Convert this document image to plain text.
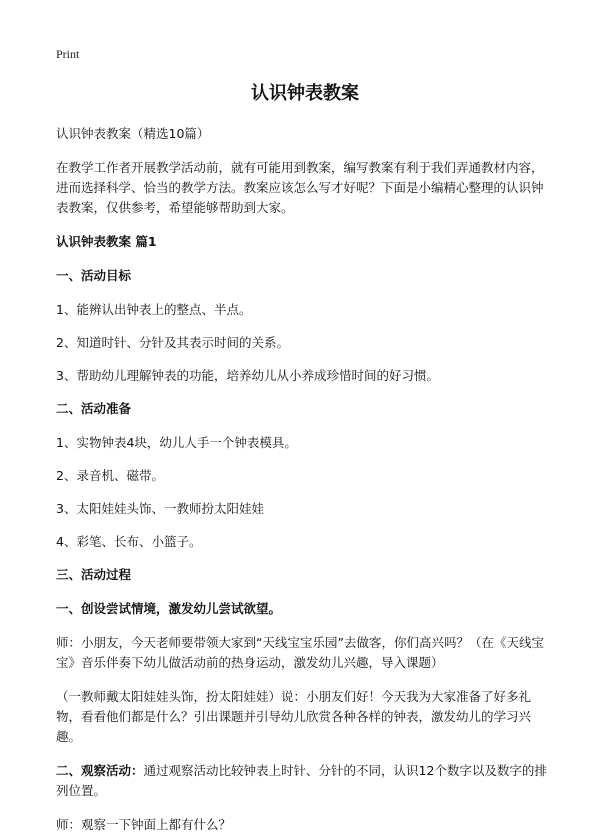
Print
认识钟表教案

认识钟表教案（精选10篇）

在教学工作者开展教学活动前，就有可能用到教案，编写教案有利于我们弄通教材内容，进而选择科学、恰当的教学方法。教案应该怎么写才好呢？下面是小编精心整理的认识钟表教案，仅供参考，希望能够帮助到大家。

认识钟表教案 篇1

一、活动目标

1、能辨认出钟表上的整点、半点。

2、知道时针、分针及其表示时间的关系。

3、帮助幼儿理解钟表的功能，培养幼儿从小养成珍惜时间的好习惯。

二、活动准备

1、实物钟表4块，幼儿人手一个钟表模具。

2、录音机、磁带。

3、太阳娃娃头饰、一教师扮太阳娃娃

4、彩笔、长布、小篮子。

三、活动过程

一、创设尝试情境，激发幼儿尝试欲望。

师：小朋友，今天老师要带领大家到“天线宝宝乐园”去做客，你们高兴吗？（在《天线宝宝》音乐伴奏下幼儿做活动前的热身运动，激发幼儿兴趣，导入课题）

（一教师戴太阳娃娃头饰，扮太阳娃娃）说：小朋友们好！今天我为大家准备了好多礼物，看看他们都是什么？引出课题并引导幼儿欣赏各种各样的钟表，激发幼儿的学习兴趣。

二、观察活动：通过观察活动比较钟表上时针、分针的不同，认识12个数字以及数字的排列位置。

师：观察一下钟面上都有什么？
